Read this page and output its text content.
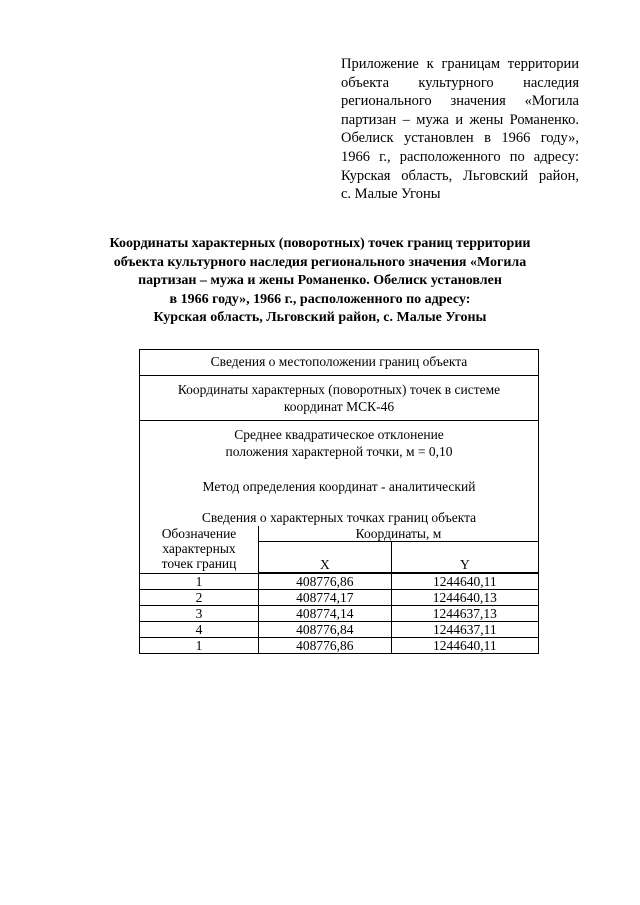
Приложение к границам территории
объекта культурного наследия
регионального значения «Могила
партизан – мужа и жены Романенко.
Обелиск установлен в 1966 году»,
1966 г., расположенного по адресу:
Курская область, Льговский район,
с. Малые Угоны
Координаты характерных (поворотных) точек границ территории
объекта культурного наследия регионального значения «Могила
партизан – мужа и жены Романенко. Обелиск установлен
в 1966 году», 1966 г., расположенного по адресу:
Курская область, Льговский район, с. Малые Угоны
Сведения о местоположении границ объекта
Координаты характерных (поворотных) точек в системе
координат МСК-46
Среднее квадратическое отклонение
положения характерной точки, м = 0,10
Метод определения координат - аналитический
Сведения о характерных точках границ объекта
Обозначение
характерных
точек границ	Координаты, м	
	X	Y
1	408776,86	1244640,11
2	408774,17	1244640,13
3	408774,14	1244637,13
4	408776,84	1244637,11
1	408776,86	1244640,11
